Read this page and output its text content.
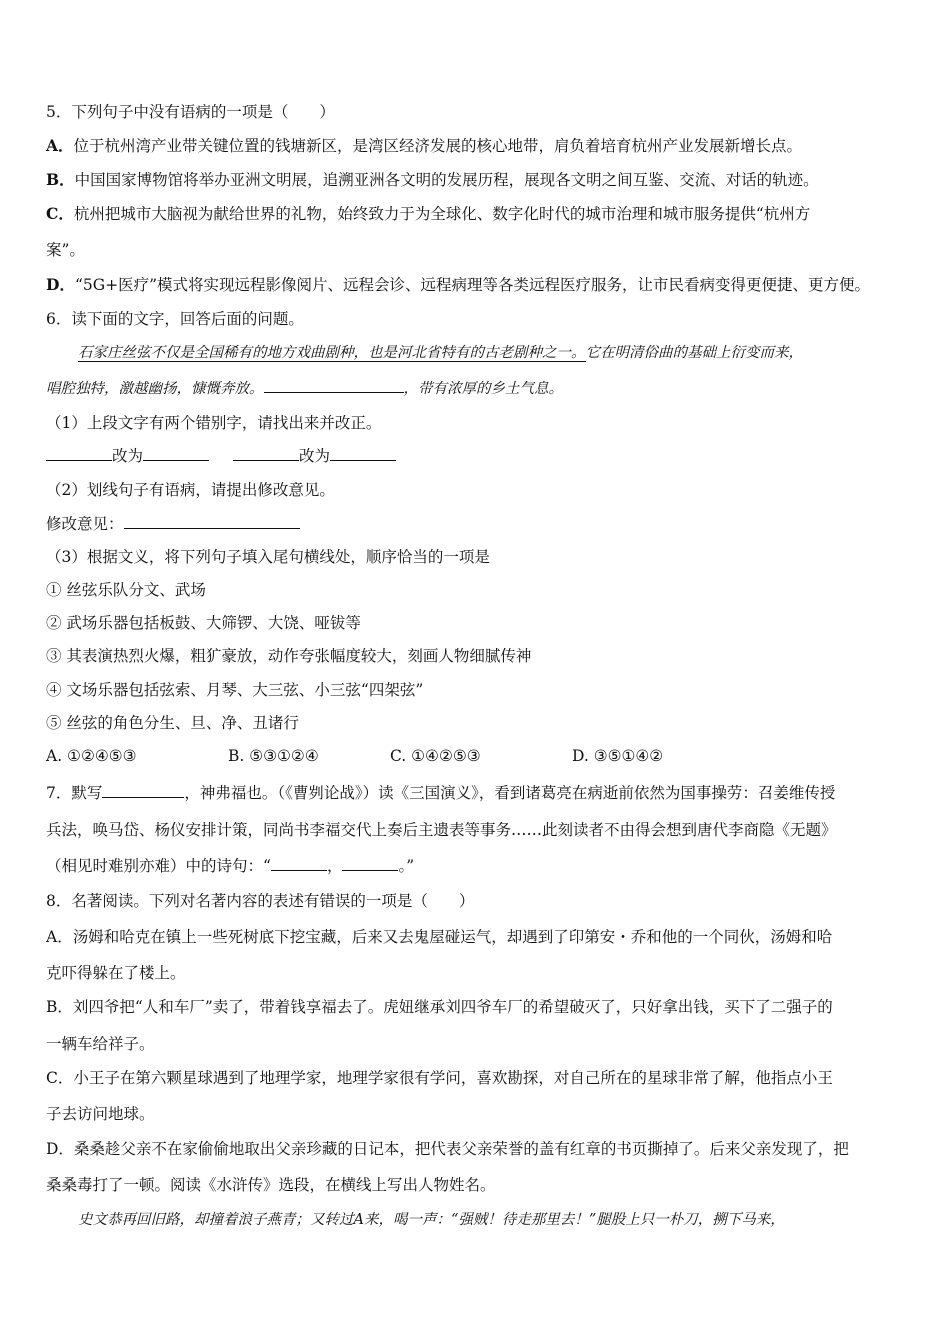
5．下列句子中没有语病的一项是（　　）
A．位于杭州湾产业带关键位置的钱塘新区，是湾区经济发展的核心地带，肩负着培育杭州产业发展新增长点。
B．中国国家博物馆将举办亚洲文明展，追溯亚洲各文明的发展历程，展现各文明之间互鉴、交流、对话的轨迹。
C．杭州把城市大脑视为献给世界的礼物，始终致力于为全球化、数字化时代的城市治理和城市服务提供“杭州方
案”。
D．“5G+医疗”模式将实现远程影像阅片、远程会诊、远程病理等各类远程医疗服务，让市民看病变得更便捷、更方便。
6．读下面的文字，回答后面的问题。
石家庄丝弦不仅是全国稀有的地方戏曲剧种，也是河北省特有的古老剧种之一。它在明清俗曲的基础上衍变而来，
唱腔独特，激越幽扬，慷慨奔放。	，带有浓厚的乡土气息。
（1）上段文字有两个错别字，请找出来并改正。
改为	改为
（2）划线句子有语病，请提出修改意见。
修改意见：
（3）根据文义，将下列句子填入尾句横线处，顺序恰当的一项是
① 丝弦乐队分文、武场
② 武场乐器包括板鼓、大筛锣、大饶、哑钹等
③ 其表演热烈火爆，粗犷豪放，动作夸张幅度较大，刻画人物细腻传神
④ 文场乐器包括弦索、月琴、大三弦、小三弦“四架弦”
⑤ 丝弦的角色分生、旦、净、丑诸行
A. ①②④⑤③	B. ⑤③①②④	C. ①④②⑤③	D. ③⑤①④②
7．默写	，神弗福也。（《曹刿论战》）读《三国演义》，看到诸葛亮在病逝前依然为国事操劳：召姜维传授
兵法，唤马岱、杨仪安排计策，同尚书李福交代上奏后主遗表等事务……此刻读者不由得会想到唐代李商隐《无题》
（相见时难别亦难）中的诗句：“	，	。”
8．名著阅读。下列对名著内容的表述有错误的一项是（　　）
A．汤姆和哈克在镇上一些死树底下挖宝藏，后来又去鬼屋碰运气，却遇到了印第安・乔和他的一个同伙，汤姆和哈
克吓得躲在了楼上。
B．刘四爷把“人和车厂”卖了，带着钱享福去了。虎妞继承刘四爷车厂的希望破灭了，只好拿出钱，买下了二强子的
一辆车给祥子。
C．小王子在第六颗星球遇到了地理学家，地理学家很有学问，喜欢勘探，对自己所在的星球非常了解，他指点小王
子去访问地球。
D．桑桑趁父亲不在家偷偷地取出父亲珍藏的日记本，把代表父亲荣誉的盖有红章的书页撕掉了。后来父亲发现了，把
桑桑毒打了一顿。阅读《水浒传》选段，在横线上写出人物姓名。
史文恭再回旧路，却撞着浪子燕青；又转过A来，喝一声：“强贼！待走那里去！”腿股上只一朴刀，搠下马来，
